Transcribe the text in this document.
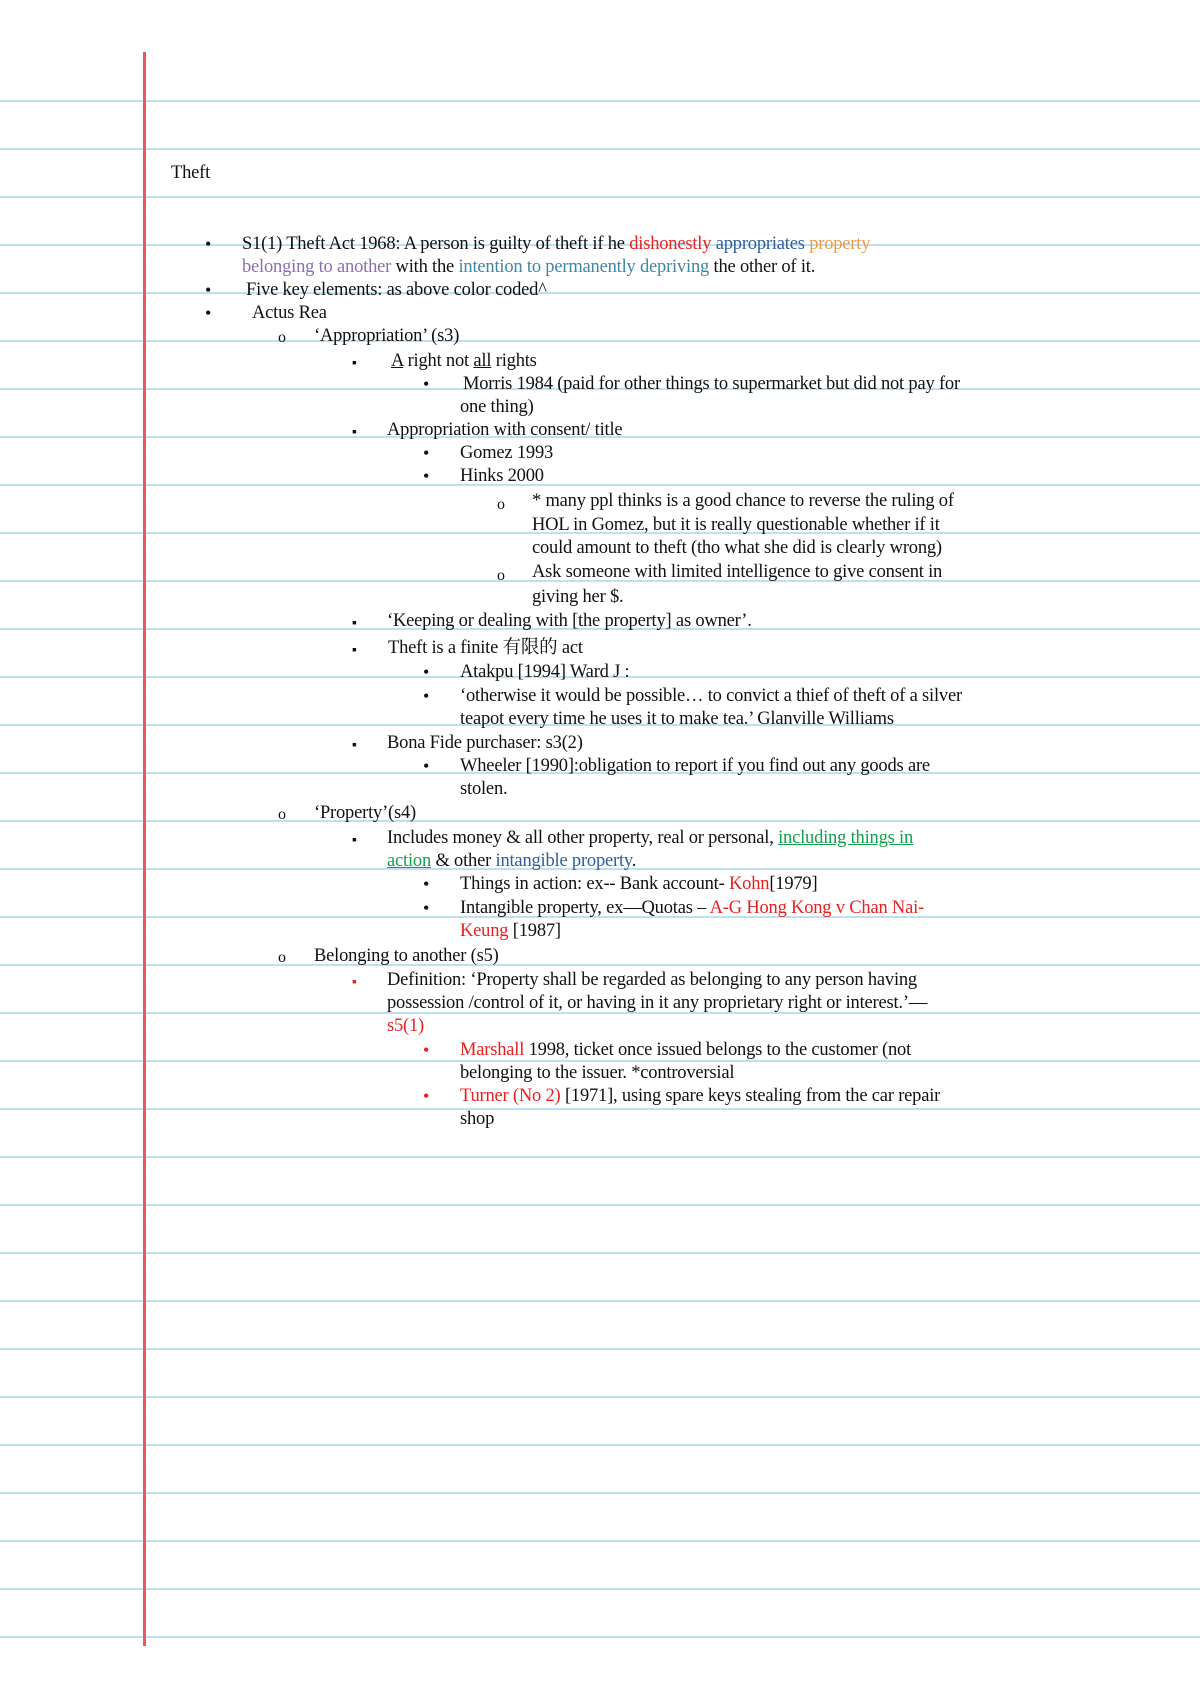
Theft
•
S1(1) Theft Act 1968: A person is guilty of theft if he dishonestly appropriates property
belonging to another with the intention to permanently depriving the other of it.
•
Five key elements: as above color coded^
•
Actus Rea
o
‘Appropriation’ (s3)
▪
A right not all rights
•
Morris 1984 (paid for other things to supermarket but did not pay for
one thing)
▪
Appropriation with consent/ title
•
Gomez 1993
•
Hinks 2000
o
* many ppl thinks is a good chance to reverse the ruling of
HOL in Gomez, but it is really questionable whether if it
could amount to theft (tho what she did is clearly wrong)
o
Ask someone with limited intelligence to give consent in
giving her $.
▪
‘Keeping or dealing with [the property] as owner’.
▪
Theft is a finite 有限的 act
•
Atakpu [1994] Ward J :
•
‘otherwise it would be possible… to convict a thief of theft of a silver
teapot every time he uses it to make tea.’ Glanville Williams
▪
Bona Fide purchaser: s3(2)
•
Wheeler [1990]:obligation to report if you find out any goods are
stolen.
o
‘Property’(s4)
▪
Includes money & all other property, real or personal, including things in
action & other intangible property.
•
Things in action: ex-- Bank account- Kohn[1979]
•
Intangible property, ex—Quotas – A-G Hong Kong v Chan Nai-
Keung [1987]
o
Belonging to another (s5)
▪
Definition: ‘Property shall be regarded as belonging to any person having
possession /control of it, or having in it any proprietary right or interest.’—
s5(1)
•
Marshall 1998, ticket once issued belongs to the customer (not
belonging to the issuer. *controversial
•
Turner (No 2) [1971], using spare keys stealing from the car repair
shop
